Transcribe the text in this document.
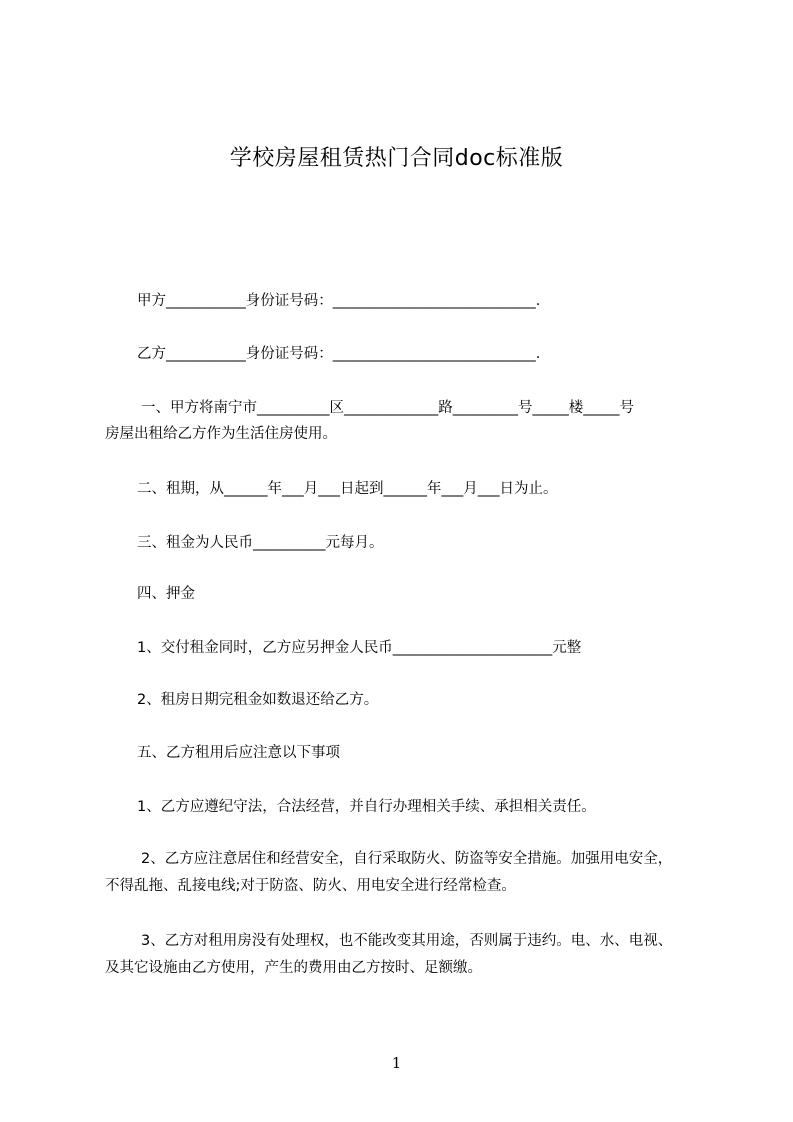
学校房屋租赁热门合同doc标准版
甲方___________身份证号码：____________________________.
乙方___________身份证号码：____________________________.
一、甲方将南宁市__________区_____________路_________号_____楼_____号
房屋出租给乙方作为生活住房使用。
二、租期，从______年___月___日起到______年___月___日为止。
三、租金为人民币__________元每月。
四、押金
1、交付租金同时，乙方应另押金人民币______________________元整
2、租房日期完租金如数退还给乙方。
五、乙方租用后应注意以下事项
1、乙方应遵纪守法，合法经营，并自行办理相关手续、承担相关责任。
2、乙方应注意居住和经营安全，自行采取防火、防盗等安全措施。加强用电安全，
不得乱拖、乱接电线;对于防盗、防火、用电安全进行经常检查。
3、乙方对租用房没有处理权，也不能改变其用途，否则属于违约。电、水、电视、
及其它设施由乙方使用，产生的费用由乙方按时、足额缴。
1
